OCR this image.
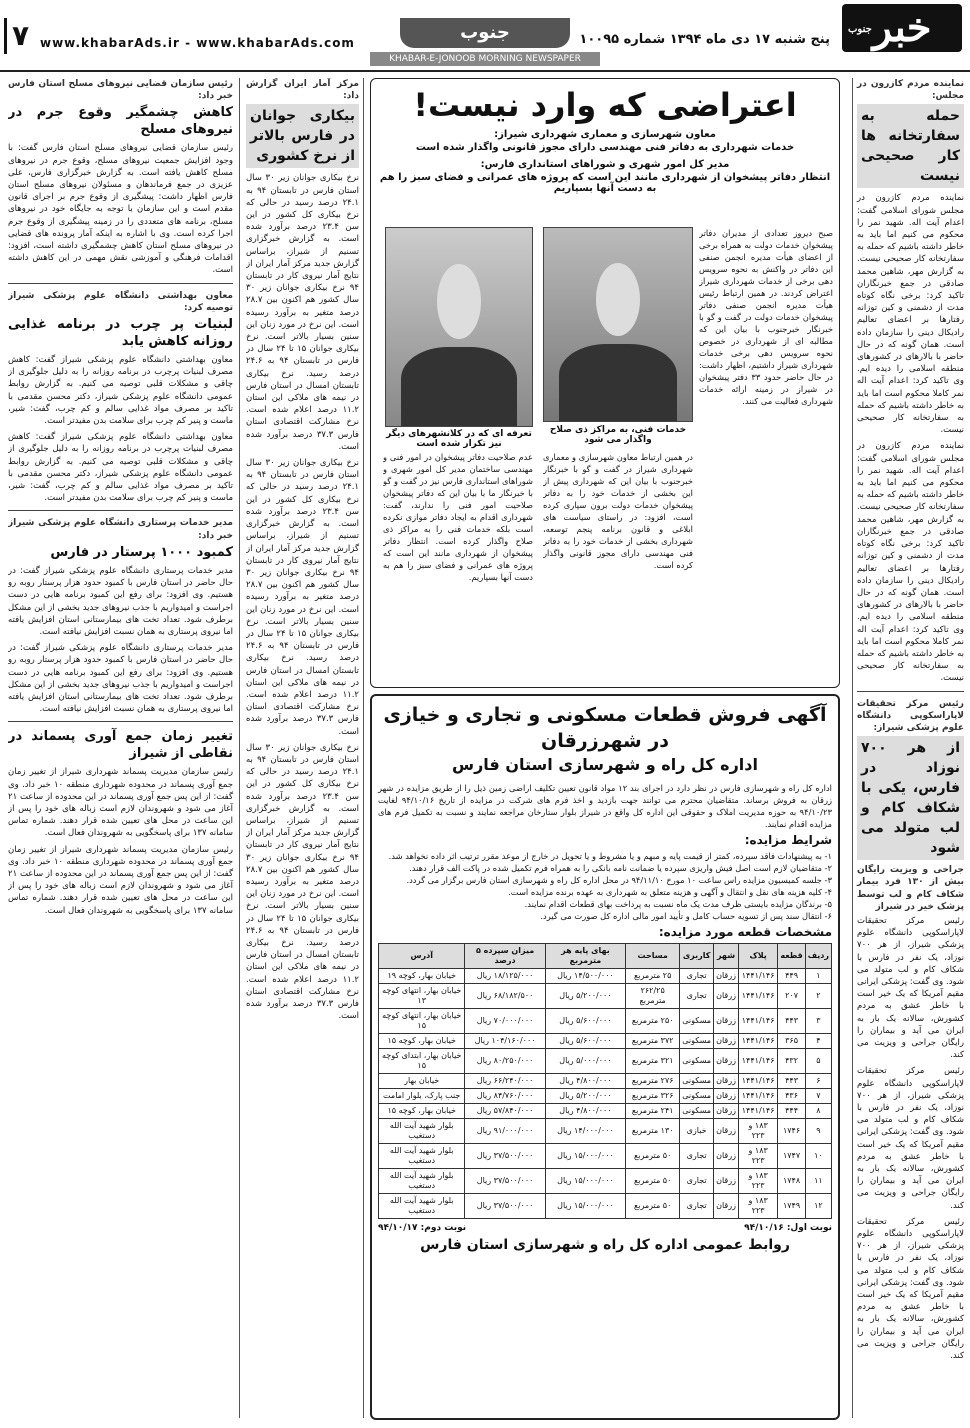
خبر
جنوب
پنج شنبه ۱۷ دی ماه ۱۳۹۴ شماره ۱۰۰۹۵
جنوب
KHABAR-E-JONOOB MORNING NEWSPAPER
www.khabarAds.ir - www.khabarAds.com
۷
نماینده مردم کازرون در مجلس:
حمله به سفارتخانه ها کار صحیحی نیست

نماینده مردم کازرون در مجلس شورای اسلامی گفت: اعدام آیت اله. شهید نمر را محکوم می کنیم اما باید به خاطر داشته باشیم که حمله به سفارتخانه کار صحیحی نیست. به گزارش مهر، شاهین محمد صادقی در جمع خبرنگاران تاکید کرد: برخی نگاه کوتاه مدت از دشمنی و کین توزانه رفتارها بر اعضای تعالیم رادیکال دینی را سازمان داده است. همان گونه که در حال حاضر با بالارهای در کشورهای منطقه اسلامی را دیده ایم. وی تاکید کرد: اعدام آیت اله نمر کاملا محکوم است اما باید به خاطر داشته باشیم که حمله به سفارتخانه کار صحیحی نیست.

نماینده مردم کازرون در مجلس شورای اسلامی گفت: اعدام آیت اله. شهید نمر را محکوم می کنیم اما باید به خاطر داشته باشیم که حمله به سفارتخانه کار صحیحی نیست. به گزارش مهر، شاهین محمد صادقی در جمع خبرنگاران تاکید کرد: برخی نگاه کوتاه مدت از دشمنی و کین توزانه رفتارها بر اعضای تعالیم رادیکال دینی را سازمان داده است. همان گونه که در حال حاضر با بالارهای در کشورهای منطقه اسلامی را دیده ایم. وی تاکید کرد: اعدام آیت اله نمر کاملا محکوم است اما باید به خاطر داشته باشیم که حمله به سفارتخانه کار صحیحی نیست.

رئیس مرکز تحقیقات لاپاراسکوپی دانشگاه علوم پزشکی شیراز:
از هر ۷۰۰ نوزاد در فارس، یکی با شکاف کام و لب متولد می شود
جراحی و ویزیت رایگان بیش از ۱۳۰ فرد بیمار شکاف کام و لب توسط پزشک خیر در شیراز

رئیس مرکز تحقیقات لاپاراسکوپی دانشگاه علوم پزشکی شیراز، از هر ۷۰۰ نوزاد، یک نفر در فارس با شکاف کام و لب متولد می شود. وی گفت: پزشکی ایرانی مقیم آمریکا که یک خیر است با خاطر عشق به مردم کشورش، سالانه یک بار به ایران می آید و بیماران را رایگان جراحی و ویزیت می کند.

رئیس مرکز تحقیقات لاپاراسکوپی دانشگاه علوم پزشکی شیراز، از هر ۷۰۰ نوزاد، یک نفر در فارس با شکاف کام و لب متولد می شود. وی گفت: پزشکی ایرانی مقیم آمریکا که یک خیر است با خاطر عشق به مردم کشورش، سالانه یک بار به ایران می آید و بیماران را رایگان جراحی و ویزیت می کند.

رئیس مرکز تحقیقات لاپاراسکوپی دانشگاه علوم پزشکی شیراز، از هر ۷۰۰ نوزاد، یک نفر در فارس با شکاف کام و لب متولد می شود. وی گفت: پزشکی ایرانی مقیم آمریکا که یک خیر است با خاطر عشق به مردم کشورش، سالانه یک بار به ایران می آید و بیماران را رایگان جراحی و ویزیت می کند.

اعتراضی که وارد نیست!
معاون شهرسازی و معماری شهرداری شیراز:
خدمات شهرداری به دفاتر فنی مهندسی دارای مجوز قانونی واگذار شده است
مدیر کل امور شهری و شوراهای استانداری فارس:
انتظار دفاتر پیشخوان از شهرداری مانند این است که پروژه های عمرانی و فضای سبز را هم به دست آنها بسپاریم
خدمات فنی، به مراکز ذی صلاح واگذار می شود
صبح دیروز تعدادی از مدیران دفاتر پیشخوان خدمات دولت به همراه برخی از اعضای هیأت مدیره انجمن صنفی این دفاتر در واکنش به نحوه سرویس دهی برخی از خدمات شهرداری شیراز اعتراض کردند. در همین ارتباط رئیس هیأت مدیره انجمن صنفی دفاتر پیشخوان خدمات دولت در گفت و گو با خبرنگار خبرجنوب با بیان این که مطالبه ای از شهرداری در خصوص نحوه سرویس دهی برخی خدمات شهرداری شیراز داشتیم، اظهار داشت: در حال حاضر حدود ۳۳ دفتر پیشخوان در شیراز در زمینه ارائه خدمات شهرداری فعالیت می کنند.
در همین ارتباط معاون شهرسازی و معماری شهرداری شیراز در گفت و گو با خبرنگار خبرجنوب با بیان این که شهرداری پیش از این بخشی از خدمات خود را به دفاتر پیشخوان خدمات دولت برون سپاری کرده است، افزود: در راستای سیاست های ابلاغی و قانون برنامه پنجم توسعه، شهرداری بخشی از خدمات خود را به دفاتر فنی مهندسی دارای مجوز قانونی واگذار کرده است.
عدم صلاحیت دفاتر پیشخوان در امور فنی و مهندسی ساختمان مدیر کل امور شهری و شوراهای استانداری فارس نیز در گفت و گو با خبرنگار ما با بیان این که دفاتر پیشخوان صلاحیت امور فنی را ندارند، گفت: شهرداری اقدام به ایجاد دفاتر موازی نکرده است بلکه خدمات فنی را به مراکز ذی صلاح واگذار کرده است. انتظار دفاتر پیشخوان از شهرداری مانند این است که پروژه های عمرانی و فضای سبز را هم به دست آنها بسپاریم.
تعرفه ای که در کلانشهرهای دیگر نیز تکرار شده است
آگهی فروش قطعات مسکونی و تجاری و خیازی در شهرزرقان
اداره کل راه و شهرسازی استان فارس
اداره کل راه و شهرسازی فارس در نظر دارد در اجرای بند ۱۲ مواد قانون تعیین تکلیف اراضی زمین ذیل را از طریق مزایده در شهر زرقان به فروش برساند. متقاضیان محترم می توانند جهت بازدید و اخذ فرم های شرکت در مزایده از تاریخ ۹۴/۱۰/۱۶ لغایت ۹۴/۱۰/۲۳ به حوزه مدیریت املاک و حقوقی این اداره کل واقع در شیراز بلوار ستارخان مراجعه نمایند و نسبت به تکمیل فرم های مزایده اقدام نمایند.
شرایط مزایده:
۱- به پیشنهادات فاقد سپرده، کمتر از قیمت پایه و مبهم و یا مشروط و یا تحویل در خارج از موعد مقرر ترتیب اثر داده نخواهد شد.
۲- متقاضیان لازم است اصل فیش واریزی سپرده یا ضمانت نامه بانکی را به همراه فرم تکمیل شده در پاکت الف قرار دهند.
۳- جلسه کمیسیون مزایده راس ساعت ۱۰ مورخ ۹۴/۱۱/۱۰ در محل اداره کل راه و شهرسازی استان فارس برگزار می گردد.
۴- کلیه هزینه های نقل و انتقال و آگهی و هزینه متعلق به شهرداری به عهده برنده مزایده است.
۵- برندگان مزایده بایستی ظرف مدت یک ماه نسبت به پرداخت بهای قطعات اقدام نمایند.
۶- انتقال سند پس از تسویه حساب کامل و تأیید امور مالی اداره کل صورت می گیرد.
مشخصات قطعه مورد مزایده:
ردیف	قطعه	پلاک	شهر	کاربری	مساحت	بهای پایه هر مترمربع	میزان سپرده ۵ درصد	آدرس
۱	۴۴۹	۱۴۴۱/۱۴۶	زرقان	تجاری	۲۵ مترمربع	۱۴/۵۰۰/۰۰۰ ریال	۱۸/۱۲۵/۰۰۰ ریال	خیابان بهار، کوچه ۱۹
۲	۲۰۷	۱۴۴۱/۱۴۶	زرقان	تجاری	۲۶۲/۲۵ مترمربع	۵/۲۰۰/۰۰۰ ریال	۶۸/۱۸۲/۵۰۰ ریال	خیابان بهار، انتهای کوچه ۱۳
۳	۴۴۳	۱۴۴۱/۱۴۶	زرقان	مسکونی	۲۵۰ مترمربع	۵/۶۰۰/۰۰۰ ریال	۷۰/۰۰۰/۰۰۰ ریال	خیابان بهار، انتهای کوچه ۱۵
۴	۳۶۵	۱۴۴۱/۱۴۶	زرقان	مسکونی	۳۷۲ مترمربع	۵/۶۰۰/۰۰۰ ریال	۱۰۴/۱۶۰/۰۰۰ ریال	خیابان بهار، کوچه ۱۵
۵	۴۳۲	۱۴۴۱/۱۴۶	زرقان	مسکونی	۳۲۱ مترمربع	۵/۰۰۰/۰۰۰ ریال	۸۰/۲۵۰/۰۰۰ ریال	خیابان بهار، ابتدای کوچه ۱۵
۶	۴۴۳	۱۴۴۱/۱۴۶	زرقان	مسکونی	۲۷۶ مترمربع	۴/۸۰۰/۰۰۰ ریال	۶۶/۲۴۰/۰۰۰ ریال	خیابان بهار
۷	۴۳۶	۱۴۴۱/۱۴۶	زرقان	مسکونی	۳۲۶ مترمربع	۵/۲۰۰/۰۰۰ ریال	۸۴/۷۶۰/۰۰۰ ریال	جنب پارک، بلوار امامت
۸	۴۴۴	۱۴۴۱/۱۴۶	زرقان	مسکونی	۲۴۱ مترمربع	۴/۸۰۰/۰۰۰ ریال	۵۷/۸۴۰/۰۰۰ ریال	خیابان بهار، کوچه ۱۵
۹	۱۷۴۶	۱۸۳ و ۲۲۳	زرقان	خبازی	۱۳۰ مترمربع	۱۴/۰۰۰/۰۰۰ ریال	۹۱/۰۰۰/۰۰۰ ریال	بلوار شهید آیت الله دستغیب
۱۰	۱۷۴۷	۱۸۳ و ۲۲۳	زرقان	تجاری	۵۰ مترمربع	۱۵/۰۰۰/۰۰۰ ریال	۳۷/۵۰۰/۰۰۰ ریال	بلوار شهید آیت الله دستغیب
۱۱	۱۷۴۸	۱۸۳ و ۲۲۳	زرقان	تجاری	۵۰ مترمربع	۱۵/۰۰۰/۰۰۰ ریال	۳۷/۵۰۰/۰۰۰ ریال	بلوار شهید آیت الله دستغیب
۱۲	۱۷۴۹	۱۸۳ و ۲۲۳	زرقان	تجاری	۵۰ مترمربع	۱۵/۰۰۰/۰۰۰ ریال	۳۷/۵۰۰/۰۰۰ ریال	بلوار شهید آیت الله دستغیب
نوبت اول: ۹۴/۱۰/۱۶
نوبت دوم: ۹۴/۱۰/۱۷
روابط عمومی اداره کل راه و شهرسازی استان فارس
مرکز آمار ایران گزارش داد:
بیکاری جوانان در فارس بالاتر از نرخ کشوری

نرخ بیکاری جوانان زیر ۳۰ سال استان فارس در تابستان ۹۴ به ۲۴.۱ درصد رسید در حالی که نرخ بیکاری کل کشور در این سن ۲۳.۴ درصد برآورد شده است. به گزارش خبرگزاری تسنیم از شیراز، براساس گزارش جدید مرکز آمار ایران از نتایج آمار نیروی کار در تابستان ۹۴ نرخ بیکاری جوانان زیر ۳۰ سال کشور هم اکنون بین ۲۸.۷ درصد متغیر به برآورد رسیده است. این نرخ در مورد زنان این سنین بسیار بالاتر است. نرخ بیکاری جوانان ۱۵ تا ۲۴ سال در فارس در تابستان ۹۴ به ۲۴.۶ درصد رسید. نرخ بیکاری تابستان امسال در استان فارس در نیمه های ملاکی این استان ۱۱.۲ درصد اعلام شده است. نرخ مشارکت اقتصادی استان فارس ۳۷.۳ درصد برآورد شده است.

نرخ بیکاری جوانان زیر ۳۰ سال استان فارس در تابستان ۹۴ به ۲۴.۱ درصد رسید در حالی که نرخ بیکاری کل کشور در این سن ۲۳.۴ درصد برآورد شده است. به گزارش خبرگزاری تسنیم از شیراز، براساس گزارش جدید مرکز آمار ایران از نتایج آمار نیروی کار در تابستان ۹۴ نرخ بیکاری جوانان زیر ۳۰ سال کشور هم اکنون بین ۲۸.۷ درصد متغیر به برآورد رسیده است. این نرخ در مورد زنان این سنین بسیار بالاتر است. نرخ بیکاری جوانان ۱۵ تا ۲۴ سال در فارس در تابستان ۹۴ به ۲۴.۶ درصد رسید. نرخ بیکاری تابستان امسال در استان فارس در نیمه های ملاکی این استان ۱۱.۲ درصد اعلام شده است. نرخ مشارکت اقتصادی استان فارس ۳۷.۳ درصد برآورد شده است.

نرخ بیکاری جوانان زیر ۳۰ سال استان فارس در تابستان ۹۴ به ۲۴.۱ درصد رسید در حالی که نرخ بیکاری کل کشور در این سن ۲۳.۴ درصد برآورد شده است. به گزارش خبرگزاری تسنیم از شیراز، براساس گزارش جدید مرکز آمار ایران از نتایج آمار نیروی کار در تابستان ۹۴ نرخ بیکاری جوانان زیر ۳۰ سال کشور هم اکنون بین ۲۸.۷ درصد متغیر به برآورد رسیده است. این نرخ در مورد زنان این سنین بسیار بالاتر است. نرخ بیکاری جوانان ۱۵ تا ۲۴ سال در فارس در تابستان ۹۴ به ۲۴.۶ درصد رسید. نرخ بیکاری تابستان امسال در استان فارس در نیمه های ملاکی این استان ۱۱.۲ درصد اعلام شده است. نرخ مشارکت اقتصادی استان فارس ۳۷.۳ درصد برآورد شده است.

رئیس سازمان قضایی نیروهای مسلح استان فارس خبر داد:
کاهش چشمگیر وقوع جرم در نیروهای مسلح

رئیس سازمان قضایی نیروهای مسلح استان فارس گفت: با وجود افزایش جمعیت نیروهای مسلح، وقوع جرم در نیروهای مسلح کاهش یافته است. به گزارش خبرگزاری فارس، علی عزیزی در جمع فرماندهان و مسئولان نیروهای مسلح استان فارس اظهار داشت: پیشگیری از وقوع جرم بر اجرای قانون مقدم است و این سازمان با توجه به جایگاه خود در نیروهای مسلح، برنامه های متعددی را در زمینه پیشگیری از وقوع جرم اجرا کرده است. وی با اشاره به اینکه آمار پرونده های قضایی در نیروهای مسلح استان کاهش چشمگیری داشته است، افزود: اقدامات فرهنگی و آموزشی نقش مهمی در این کاهش داشته است.

معاون بهداشتی دانشگاه علوم پزشکی شیراز توصیه کرد:
لبنیات پر چرب در برنامه غذایی روزانه کاهش یابد

معاون بهداشتی دانشگاه علوم پزشکی شیراز گفت: کاهش مصرف لبنیات پرچرب در برنامه روزانه را به دلیل جلوگیری از چاقی و مشکلات قلبی توصیه می کنیم. به گزارش روابط عمومی دانشگاه علوم پزشکی شیراز، دکتر محسن مقدمی با تاکید بر مصرف مواد غذایی سالم و کم چرب، گفت: شیر، ماست و پنیر کم چرب برای سلامت بدن مفیدتر است.

معاون بهداشتی دانشگاه علوم پزشکی شیراز گفت: کاهش مصرف لبنیات پرچرب در برنامه روزانه را به دلیل جلوگیری از چاقی و مشکلات قلبی توصیه می کنیم. به گزارش روابط عمومی دانشگاه علوم پزشکی شیراز، دکتر محسن مقدمی با تاکید بر مصرف مواد غذایی سالم و کم چرب، گفت: شیر، ماست و پنیر کم چرب برای سلامت بدن مفیدتر است.

مدیر خدمات پرستاری دانشگاه علوم پزشکی شیراز خبر داد:
کمبود ۱۰۰۰ پرستار در فارس

مدیر خدمات پرستاری دانشگاه علوم پزشکی شیراز گفت: در حال حاضر در استان فارس با کمبود حدود هزار پرستار روبه رو هستیم. وی افزود: برای رفع این کمبود برنامه هایی در دست اجراست و امیدواریم با جذب نیروهای جدید بخشی از این مشکل برطرف شود. تعداد تخت های بیمارستانی استان افزایش یافته اما نیروی پرستاری به همان نسبت افزایش نیافته است.

مدیر خدمات پرستاری دانشگاه علوم پزشکی شیراز گفت: در حال حاضر در استان فارس با کمبود حدود هزار پرستار روبه رو هستیم. وی افزود: برای رفع این کمبود برنامه هایی در دست اجراست و امیدواریم با جذب نیروهای جدید بخشی از این مشکل برطرف شود. تعداد تخت های بیمارستانی استان افزایش یافته اما نیروی پرستاری به همان نسبت افزایش نیافته است.

تغییر زمان جمع آوری پسماند در نقاطی از شیراز

رئیس سازمان مدیریت پسماند شهرداری شیراز از تغییر زمان جمع آوری پسماند در محدوده شهرداری منطقه ۱۰ خبر داد. وی گفت: از این پس جمع آوری پسماند در این محدوده از ساعت ۲۱ آغاز می شود و شهروندان لازم است زباله های خود را پس از این ساعت در محل های تعیین شده قرار دهند. شماره تماس سامانه ۱۳۷ برای پاسخگویی به شهروندان فعال است.

رئیس سازمان مدیریت پسماند شهرداری شیراز از تغییر زمان جمع آوری پسماند در محدوده شهرداری منطقه ۱۰ خبر داد. وی گفت: از این پس جمع آوری پسماند در این محدوده از ساعت ۲۱ آغاز می شود و شهروندان لازم است زباله های خود را پس از این ساعت در محل های تعیین شده قرار دهند. شماره تماس سامانه ۱۳۷ برای پاسخگویی به شهروندان فعال است.
